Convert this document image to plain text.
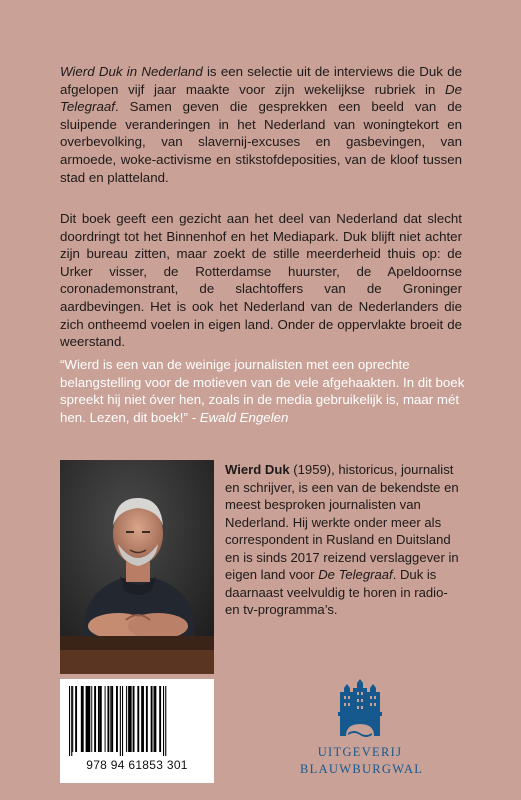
Wierd Duk in Nederland is een selectie uit de interviews die Duk de afgelopen vijf jaar maakte voor zijn wekelijkse rubriek in De Telegraaf. Samen geven die gesprekken een beeld van de sluipende veranderingen in het Nederland van woningtekort en overbevolking, van slavernij-excuses en gasbevingen, van armoede, woke-activisme en stikstofdeposities, van de kloof tussen stad en platteland.

Dit boek geeft een gezicht aan het deel van Nederland dat slecht doordringt tot het Binnenhof en het Mediapark. Duk blijft niet achter zijn bureau zitten, maar zoekt de stille meerderheid thuis op: de Urker visser, de Rotterdamse huurster, de Apeldoornse coronademonstrant, de slachtoffers van de Groninger aardbevingen. Het is ook het Nederland van de Nederlanders die zich ontheemd voelen in eigen land. Onder de oppervlakte broeit de weerstand.

“Wierd is een van de weinige journalisten met een oprechte belangstelling voor de motieven van de vele afgehaakten. In dit boek spreekt hij niet óver hen, zoals in de media gebruikelijk is, maar mét hen. Lezen, dit boek!” - Ewald Engelen

Wierd Duk (1959), historicus, journalist en schrijver, is een van de bekendste en meest besproken journalisten van Nederland. Hij werkte onder meer als correspondent in Rusland en Duitsland en is sinds 2017 reizend verslaggever in eigen land voor De Telegraaf. Duk is daarnaast veelvuldig te horen in radio- en tv-programma’s.

978 94 61853 301
UITGEVERIJ
BLAUWBURGWAL
